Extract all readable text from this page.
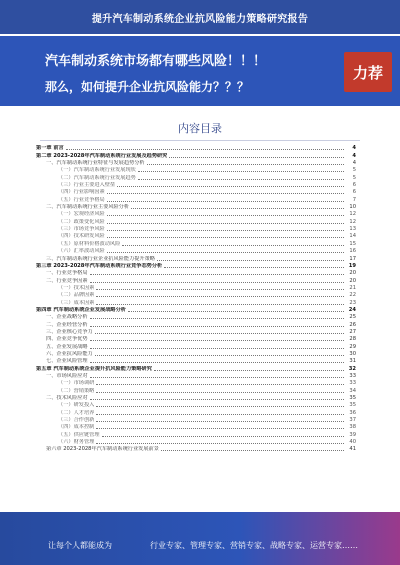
提升汽车制动系统企业抗风险能力策略研究报告
汽车制动系统市场都有哪些风险！！！
那么，如何提升企业抗风险能力？？？
力荐
内容目录
第一章 前言	4
第二章 2023-2028年汽车制动系统行业发展及趋势研究	4
一、汽车制动系统行业特征与发展趋势分析	4
（一）汽车制动系统行业发展现状	5
（二）汽车制动系统行业发展趋势	5
（三）行业主要进入壁垒	6
（四）行业影响因素	6
（五）行业竞争格局	7
二、汽车制动系统行业主要风险分析	10
（一）宏观经济风险	12
（二）政策变化风险	12
（三）市场竞争风险	13
（四）技术研发风险	14
（五）原材料价格波动风险	15
（六）汇率波动风险	16
三、汽车制动系统行业企业抗风险能力提升策略	17
第三章 2023-2028年汽车制动系统行业竞争态势分析	19
一、行业竞争格局	20
二、行业竞争因素	20
（一）技术因素	21
（二）品牌因素	22
（三）成本因素	23
第四章 汽车制动系统企业发展战略分析	24
一、企业战略分析	25
二、企业经营分析	26
三、企业核心竞争力	27
四、企业竞争优势	28
五、企业发展战略	29
六、企业抗风险能力	30
七、企业风险管理	31
第五章 汽车制动系统企业提升抗风险能力策略研究	32
一、市场风险应对	33
（一）市场调研	33
（二）营销策略	34
二、技术风险应对	35
（一）研发投入	35
（二）人才培养	36
（三）合作创新	37
（四）成本控制	38
（五）供应链管理	39
（六）财务管理	40
第六章 2023-2028年汽车制动系统行业发展前景	41
让每个人都能成为	行业专家、管理专家、营销专家、战略专家、运营专家……
